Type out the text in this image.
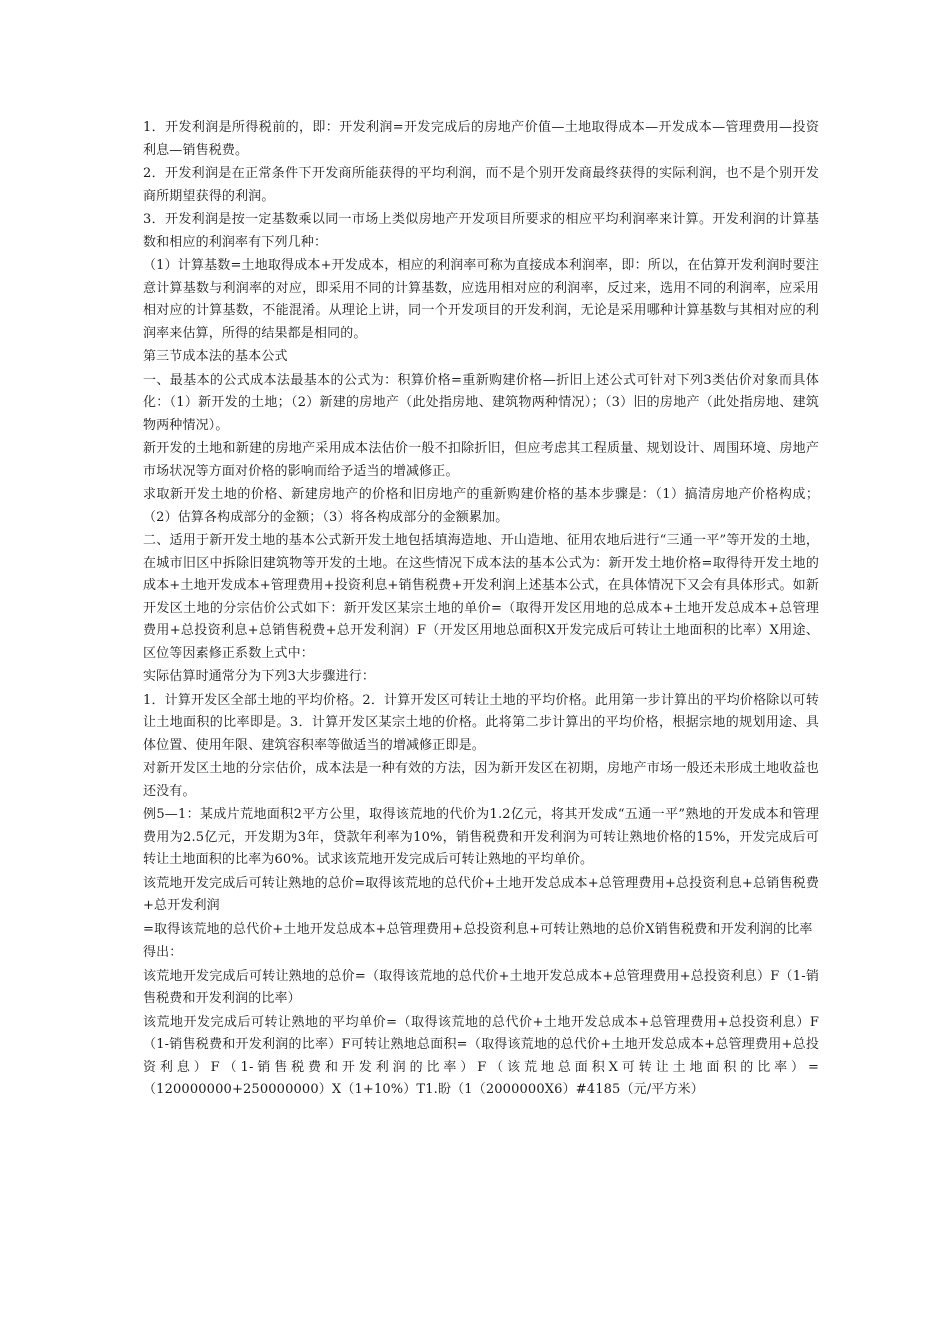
1．开发利润是所得税前的，即：开发利润=开发完成后的房地产价值—土地取得成本—开发成本—管理费用—投资利息—销售税费。

2．开发利润是在正常条件下开发商所能获得的平均利润，而不是个别开发商最终获得的实际利润，也不是个别开发商所期望获得的利润。

3．开发利润是按一定基数乘以同一市场上类似房地产开发项目所要求的相应平均利润率来计算。开发利润的计算基数和相应的利润率有下列几种：

（1）计算基数=土地取得成本+开发成本，相应的利润率可称为直接成本利润率，即：所以，在估算开发利润时要注意计算基数与利润率的对应，即采用不同的计算基数，应选用相对应的利润率，反过来，选用不同的利润率，应采用相对应的计算基数，不能混淆。从理论上讲，同一个开发项目的开发利润，无论是采用哪种计算基数与其相对应的利润率来估算，所得的结果都是相同的。

第三节成本法的基本公式

一、最基本的公式成本法最基本的公式为：积算价格=重新购建价格—折旧上述公式可针对下列3类估价对象而具体化：（1）新开发的土地；（2）新建的房地产（此处指房地、建筑物两种情况）；（3）旧的房地产（此处指房地、建筑物两种情况）。

新开发的土地和新建的房地产采用成本法估价一般不扣除折旧，但应考虑其工程质量、规划设计、周围环境、房地产市场状况等方面对价格的影响而给予适当的增减修正。

求取新开发土地的价格、新建房地产的价格和旧房地产的重新购建价格的基本步骤是：（1）搞清房地产价格构成；（2）估算各构成部分的金额；（3）将各构成部分的金额累加。

二、适用于新开发土地的基本公式新开发土地包括填海造地、开山造地、征用农地后进行“三通一平”等开发的土地，在城市旧区中拆除旧建筑物等开发的土地。在这些情况下成本法的基本公式为：新开发土地价格=取得待开发土地的成本+土地开发成本+管理费用+投资利息+销售税费+开发利润上述基本公式，在具体情况下又会有具体形式。如新开发区土地的分宗估价公式如下：新开发区某宗土地的单价=（取得开发区用地的总成本+土地开发总成本+总管理费用+总投资利息+总销售税费+总开发利润）F（开发区用地总面积X开发完成后可转让土地面积的比率）X用途、区位等因素修正系数上式中：

实际估算时通常分为下列3大步骤进行：

1．计算开发区全部土地的平均价格。2．计算开发区可转让土地的平均价格。此用第一步计算出的平均价格除以可转让土地面积的比率即是。3．计算开发区某宗土地的价格。此将第二步计算出的平均价格，根据宗地的规划用途、具体位置、使用年限、建筑容积率等做适当的增减修正即是。

对新开发区土地的分宗估价，成本法是一种有效的方法，因为新开发区在初期，房地产市场一般还未形成土地收益也还没有。

例5—1：某成片荒地面积2平方公里，取得该荒地的代价为1.2亿元，将其开发成“五通一平”熟地的开发成本和管理费用为2.5亿元，开发期为3年，贷款年利率为10%，销售税费和开发利润为可转让熟地价格的15%，开发完成后可转让土地面积的比率为60%。试求该荒地开发完成后可转让熟地的平均单价。

该荒地开发完成后可转让熟地的总价=取得该荒地的总代价+土地开发总成本+总管理费用+总投资利息+总销售税费+总开发利润

=取得该荒地的总代价+土地开发总成本+总管理费用+总投资利息+可转让熟地的总价X销售税费和开发利润的比率

得出：

该荒地开发完成后可转让熟地的总价=（取得该荒地的总代价+土地开发总成本+总管理费用+总投资利息）F（1-销售税费和开发利润的比率）

该荒地开发完成后可转让熟地的平均单价=（取得该荒地的总代价+土地开发总成本+总管理费用+总投资利息）F（1-销售税费和开发利润的比率）F可转让熟地总面积=（取得该荒地的总代价+土地开发总成本+总管理费用+总投资利息）F（1-销售税费和开发利润的比率）F（该荒地总面积X可转让土地面积的比率）=（120000000+250000000）X（1+10%）T1.盼（1（2000000X6）#4185（元/平方米）
